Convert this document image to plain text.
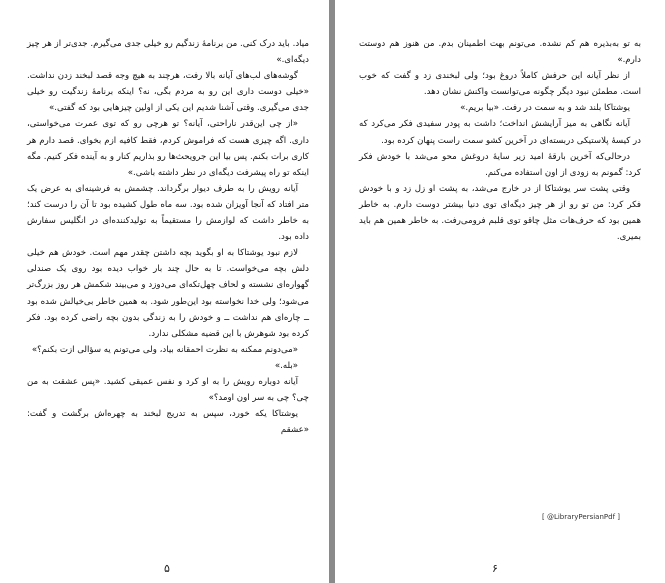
میاد. باید درک کنی. من برنامهٔ زندگیم رو خیلی جدی می‌گیرم. جدی‌تر از هر چیز دیگه‌ای.»

گوشه‌های لب‌های آیانه بالا رفت، هرچند به هیچ وجه قصد لبخند زدن نداشت. «خیلی دوست داری این رو به مردم بگی، نه؟ اینکه برنامهٔ زندگیت رو خیلی جدی می‌گیری. وقتی آشنا شدیم این یکی از اولین چیزهایی بود که گفتی.»

«از چی این‌قدر ناراحتی، آیانه؟ تو هرچی رو که توی عمرت می‌خواستی، داری. اگه چیزی هست که فراموش کردم، فقط کافیه ازم بخوای. قصد دارم هر کاری برات بکنم. پس بیا این جرویحث‌ها رو بذاریم کنار و به آینده فکر کنیم. مگه اینکه تو راه پیشرفت دیگه‌ای در نظر داشته باشی.»

آیانه رویش را به طرف دیوار برگرداند. چشمش به فرشینه‌ای به عرض یک متر افتاد که آنجا آویزان شده بود. سه ماه طول کشیده بود تا آن را درست کند؛ به خاطر داشت که لوازمش را مستقیماً به تولیدکننده‌ای در انگلیس سفارش داده بود.

لازم نبود یوشتاکا به او بگوید بچه داشتن چقدر مهم است. خودش هم خیلی دلش بچه می‌خواست. تا به حال چند بار خواب دیده بود روی یک صندلی گهواره‌ای نشسته و لحاف چهل‌تکه‌ای می‌دوزد و می‌بیند شکمش هر روز بزرگ‌تر می‌شود؛ ولی خدا نخواسته بود این‌طور شود. به همین خاطر بی‌خیالش شده بود ــ چاره‌ای هم نداشت ــ و خودش را به زندگی بدون بچه راضی کرده بود. فکر کرده بود شوهرش با این قضیه مشکلی ندارد.

«می‌دونم ممکنه به نظرت احمقانه بیاد، ولی می‌تونم یه سؤالی ازت بکنم؟»

«بله.»

آیانه دوباره رویش را به او کرد و نفس عمیقی کشید. «پس عشقت به من چی؟ چی به سر اون اومد؟»

یوشتاکا یکه خورد، سپس به تدریج لبخند به چهره‌اش برگشت و گفت: «عشقم

۵

به تو به‌بذیره هم کم نشده. می‌تونم بهت اطمینان بدم. من هنوز هم دوستت دارم.»

از نظر آیانه این حرفش کاملاً دروغ بود؛ ولی لبخندی زد و گفت که خوب است. مطمئن نبود دیگر چگونه می‌توانست واکنش نشان دهد.

یوشتاکا بلند شد و به سمت در رفت. «بیا بریم.»

آیانه نگاهی به میز آرایشش انداخت؛ داشت به پودر سفیدی فکر می‌کرد که در کیسهٔ پلاستیکی دربسته‌ای در آخرین کشو سمت راست پنهان کرده بود.

درحالی‌که آخرین بارقهٔ امید زیر سایهٔ دروغش محو می‌شد با خودش فکر کرد: گمونم به زودی از اون استفاده می‌کنم.

وقتی پشت سر یوشتاکا از در خارج می‌شد، به پشت او زل زد و با خودش فکر کرد: من تو رو از هر چیز دیگه‌ای توی دنیا بیشتر دوست دارم. به خاطر همین بود که حرف‌هات مثل چاقو توی قلبم فرومی‌رفت. به خاطر همین هم باید بمیری.

[ @LibraryPersianPdf ]
۶
